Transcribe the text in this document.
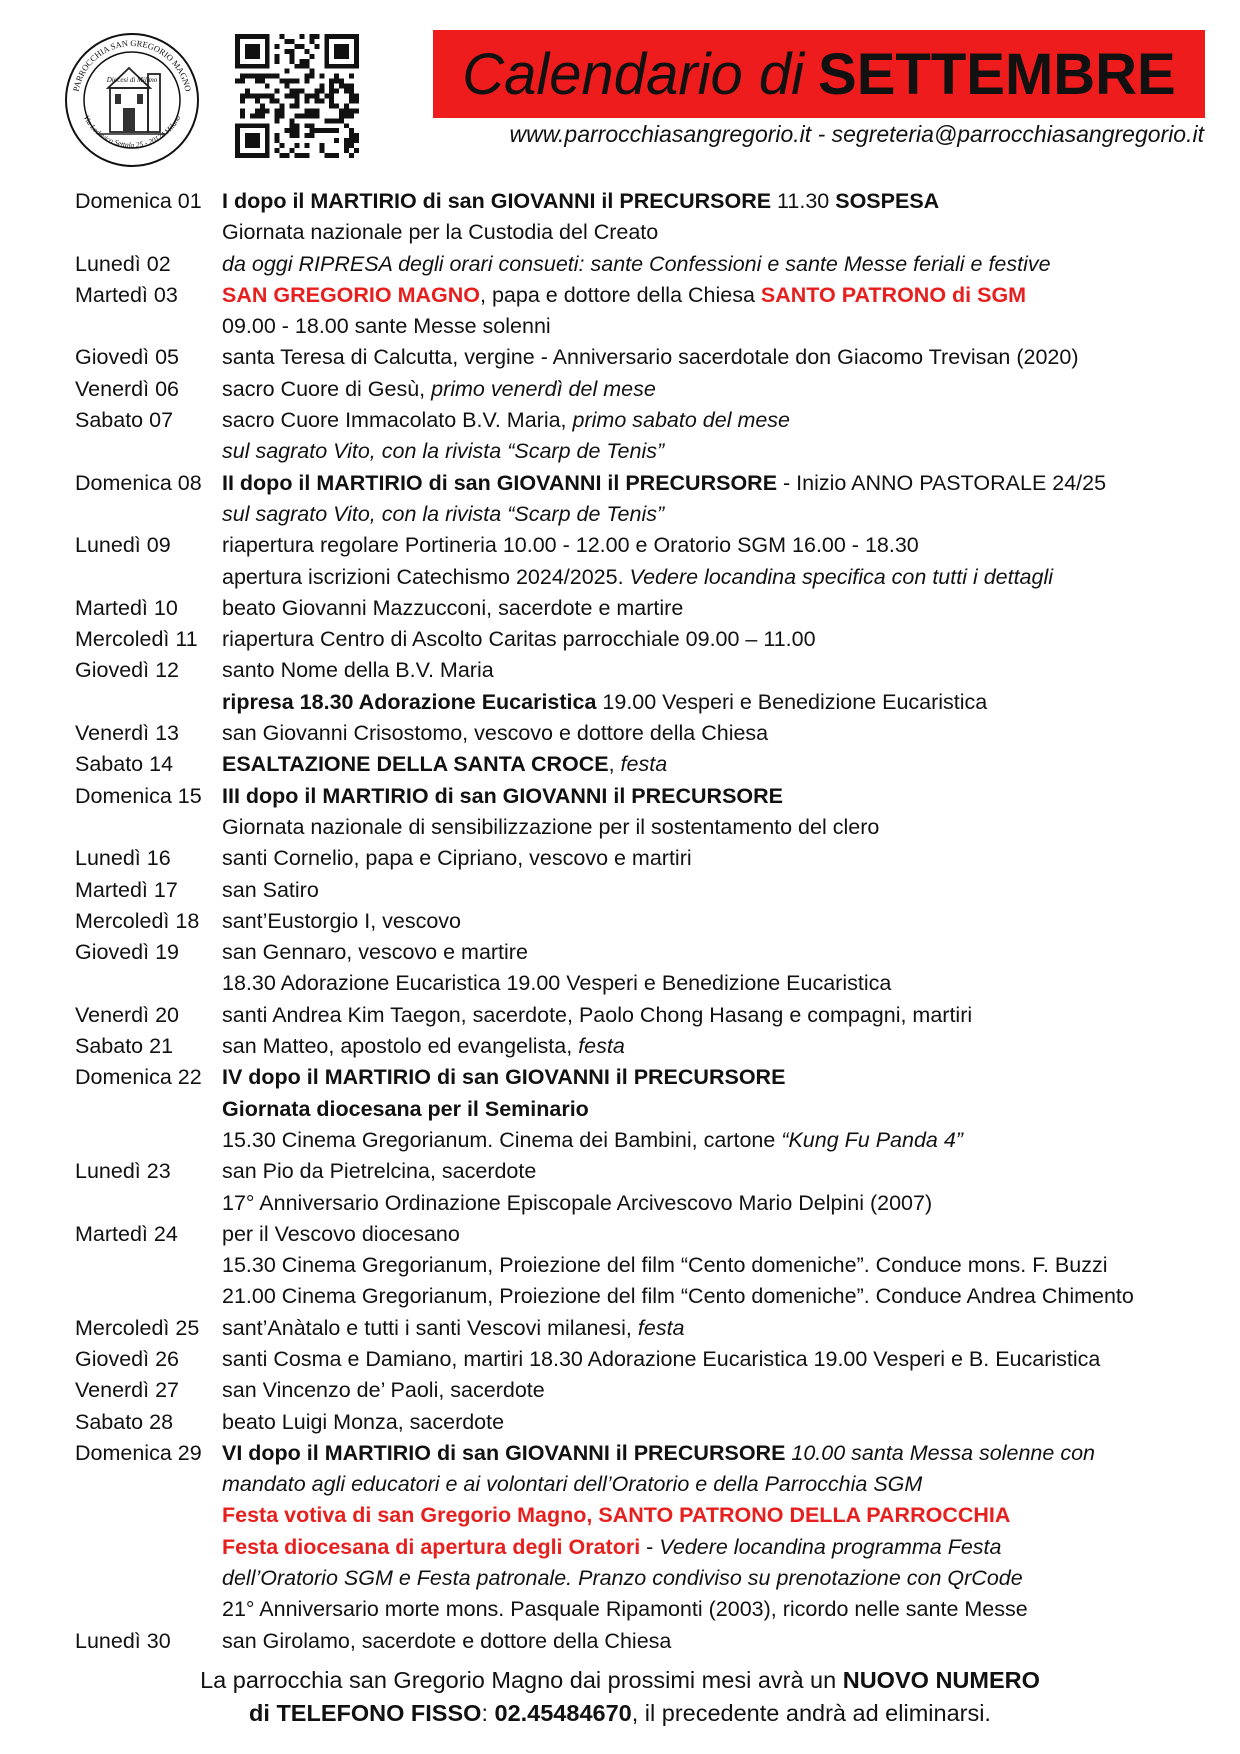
PARROCCHIA SAN GREGORIO MAGNO
Via Lodovico Settala 25 - 20124 Milano
Diocesi di Milano	Calendario di SETTEMBRE
www.parrocchiasangregorio.it - segreteria@parrocchiasangregorio.it
Domenica 01 I dopo il MARTIRIO di san GIOVANNI il PRECURSORE 11.30 SOSPESA
Giornata nazionale per la Custodia del Creato
Lunedì 02	da oggi RIPRESA degli orari consueti: sante Confessioni e sante Messe feriali e festive
Martedì 03	SAN GREGORIO MAGNO, papa e dottore della Chiesa SANTO PATRONO di SGM
09.00 - 18.00 sante Messe solenni
Giovedì 05	santa Teresa di Calcutta, vergine - Anniversario sacerdotale don Giacomo Trevisan (2020)
Venerdì 06	sacro Cuore di Gesù, primo venerdì del mese
Sabato 07	sacro Cuore Immacolato B.V. Maria, primo sabato del mese
sul sagrato Vito, con la rivista “Scarp de Tenis”
Domenica 08 II dopo il MARTIRIO di san GIOVANNI il PRECURSORE - Inizio ANNO PASTORALE 24/25
sul sagrato Vito, con la rivista “Scarp de Tenis”
Lunedì 09	riapertura regolare Portineria 10.00 - 12.00 e Oratorio SGM 16.00 - 18.30
apertura iscrizioni Catechismo 2024/2025. Vedere locandina specifica con tutti i dettagli
Martedì 10	beato Giovanni Mazzucconi, sacerdote e martire
Mercoledì 11	riapertura Centro di Ascolto Caritas parrocchiale 09.00 – 11.00
Giovedì 12	santo Nome della B.V. Maria
ripresa 18.30 Adorazione Eucaristica 19.00 Vesperi e Benedizione Eucaristica
Venerdì 13	san Giovanni Crisostomo, vescovo e dottore della Chiesa
Sabato 14	ESALTAZIONE DELLA SANTA CROCE, festa
Domenica 15 III dopo il MARTIRIO di san GIOVANNI il PRECURSORE
Giornata nazionale di sensibilizzazione per il sostentamento del clero
Lunedì 16	santi Cornelio, papa e Cipriano, vescovo e martiri
Martedì 17	san Satiro
Mercoledì 18	sant’Eustorgio I, vescovo
Giovedì 19	san Gennaro, vescovo e martire
18.30 Adorazione Eucaristica 19.00 Vesperi e Benedizione Eucaristica
Venerdì 20	santi Andrea Kim Taegon, sacerdote, Paolo Chong Hasang e compagni, martiri
Sabato 21	san Matteo, apostolo ed evangelista, festa
Domenica 22 IV dopo il MARTIRIO di san GIOVANNI il PRECURSORE
Giornata diocesana per il Seminario
15.30 Cinema Gregorianum. Cinema dei Bambini, cartone “Kung Fu Panda 4”
Lunedì 23	san Pio da Pietrelcina, sacerdote
17° Anniversario Ordinazione Episcopale Arcivescovo Mario Delpini (2007)
Martedì 24	per il Vescovo diocesano
15.30 Cinema Gregorianum, Proiezione del film “Cento domeniche”. Conduce mons. F. Buzzi
21.00 Cinema Gregorianum, Proiezione del film “Cento domeniche”. Conduce Andrea Chimento
Mercoledì 25	sant’Anàtalo e tutti i santi Vescovi milanesi, festa
Giovedì 26	santi Cosma e Damiano, martiri 18.30 Adorazione Eucaristica 19.00 Vesperi e B. Eucaristica
Venerdì 27	san Vincenzo de’ Paoli, sacerdote
Sabato 28	beato Luigi Monza, sacerdote
Domenica 29 VI dopo il MARTIRIO di san GIOVANNI il PRECURSORE 10.00 santa Messa solenne con
mandato agli educatori e ai volontari dell’Oratorio e della Parrocchia SGM
Festa votiva di san Gregorio Magno, SANTO PATRONO DELLA PARROCCHIA
Festa diocesana di apertura degli Oratori - Vedere locandina programma Festa
dell’Oratorio SGM e Festa patronale. Pranzo condiviso su prenotazione con QrCode
21° Anniversario morte mons. Pasquale Ripamonti (2003), ricordo nelle sante Messe
Lunedì 30	san Girolamo, sacerdote e dottore della Chiesa
La parrocchia san Gregorio Magno dai prossimi mesi avrà un NUOVO NUMERO
di TELEFONO FISSO: 02.45484670, il precedente andrà ad eliminarsi.
